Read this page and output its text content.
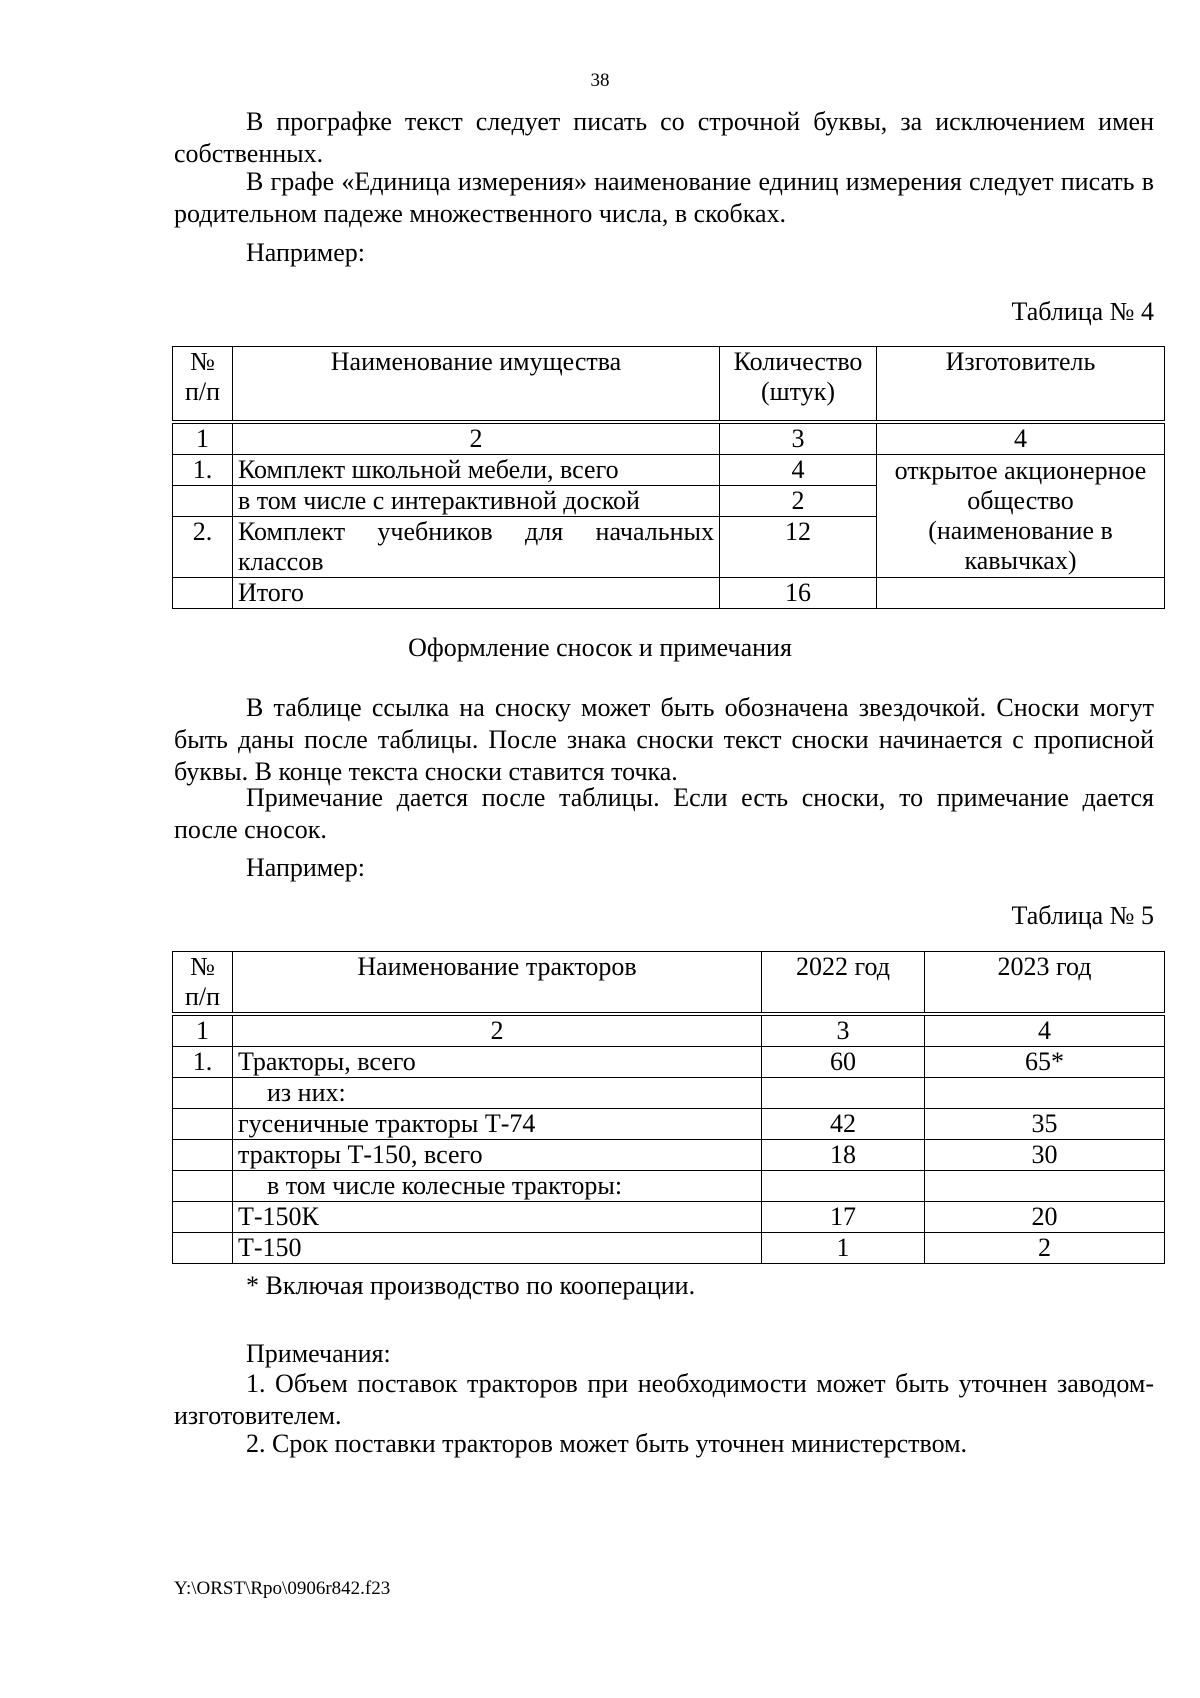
38

В прографке текст следует писать со строчной буквы, за исключением имен собственных.

В графе «Единица измерения» наименование единиц измерения следует писать в родительном падеже множественного числа, в скобках.

Например:

Таблица № 4
№ п/п	Наименование имущества	Количество (штук)	Изготовитель
1	2	3	4
1.	Комплект школьной мебели, всего	4	открытое акционерное общество (наименование в кавычках)
	в том числе с интерактивной доской	2	
2.	Комплект учебников для начальных классов	12	
	Итого	16	
Оформление сносок и примечания

В таблице ссылка на сноску может быть обозначена звездочкой. Сноски могут быть даны после таблицы. После знака сноски текст сноски начинается с прописной буквы. В конце текста сноски ставится точка.

Примечание дается после таблицы. Если есть сноски, то примечание дается после сносок.

Например:

Таблица № 5
№ п/п	Наименование тракторов	2022 год	2023 год
1	2	3	4
1.	Тракторы, всего	60	65*
	из них:		
	гусеничные тракторы Т-74	42	35
	тракторы Т-150, всего	18	30
	в том числе колесные тракторы:		
	Т-150К	17	20
	Т-150	1	2

* Включая производство по кооперации.

Примечания:

1. Объем поставок тракторов при необходимости может быть уточнен заводом-изготовителем.

2. Срок поставки тракторов может быть уточнен министерством.

Y:\ORST\Rpo\0906r842.f23
